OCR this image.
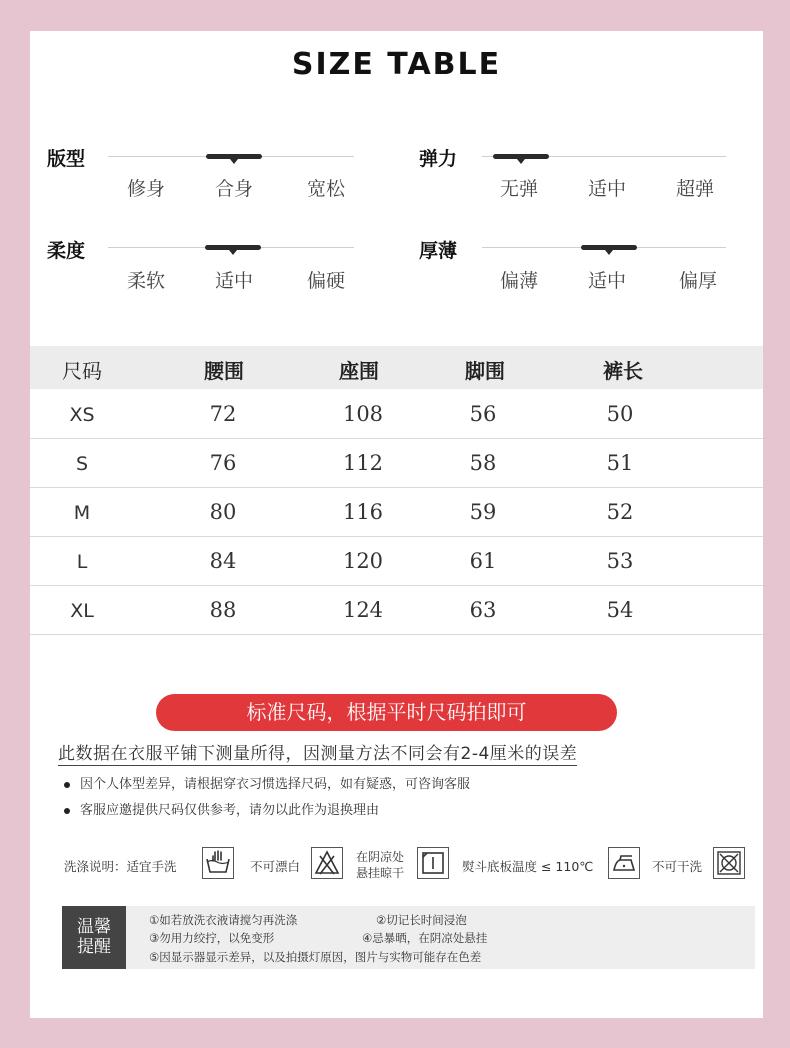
SIZE TABLE
版型
修身	合身	宽松
弹力
无弹	适中	超弹
柔度
柔软	适中	偏硬
厚薄
偏薄	适中	偏厚
尺码	腰围	座围	脚围	裤长
XS	72	108	56	50
S	76	112	58	51
M	80	116	59	52
L	84	120	61	53
XL	88	124	63	54
标准尺码，根据平时尺码拍即可
此数据在衣服平铺下测量所得，因测量方法不同会有2-4厘米的误差
因个人体型差异，请根据穿衣习惯选择尺码，如有疑惑，可咨询客服
客服应邀提供尺码仅供参考，请勿以此作为退换理由
洗涤说明：适宜手洗	不可漂白
在阴凉处
悬挂晾干	熨斗底板温度 ≤ 110℃	不可干洗
温馨
提醒
①如若放洗衣液请搅匀再洗涤	②切记长时间浸泡
③勿用力绞拧，以免变形	④忌暴晒，在阴凉处悬挂
⑤因显示器显示差异，以及拍摄灯原因，图片与实物可能存在色差
